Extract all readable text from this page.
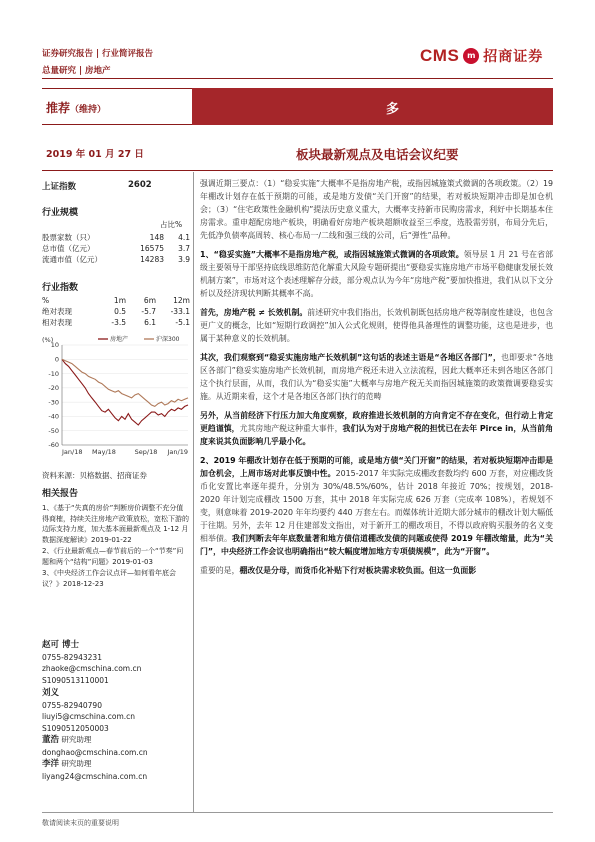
证券研究报告 | 行业简评报告
总量研究 | 房地产
CMS m 招商证券
推荐（维持）	多
2019 年 01 月 27 日	板块最新观点及电话会议纪要
上证指数	2602
行业规模
占比%
股票家数（只）	148	4.1
总市值（亿元）	16575	3.7
流通市值（亿元）	14283	3.9
行业指数
%	1m	6m	12m
绝对表现	0.5	-5.7	-33.1
相对表现	-3.5	6.1	-5.1
(%)
10
0
-10
-20
-30
-40
-50
-60
Jan/18 May/18	Sep/18 Jan/19
房地产	沪深300
资料来源：贝格数据、招商证券
相关报告
1、《基于“失真的房价”判断房价调整不充分值得商榷，持续关注房地产政策放松，宽松下游的边际支持力度，加大基本面最新观点及 1-12 月数据深度解读》2019-01-22
2、《行业最新观点—春节前后的一个“节奏”问题和两个“结构”问题》2019-01-03
3、《中央经济工作会议点评—如何看年底会议？》2018-12-23
赵可 博士
0755-82943231
zhaoke@cmschina.com.cn
S1090513110001
刘义
0755-82940790
liuyi5@cmschina.com.cn
S1090512050003
董浩 研究助理
donghao@cmschina.com.cn
李洋 研究助理
liyang24@cmschina.com.cn

强调近期三要点：（1）“稳妥实施”大概率不是指房地产税，或指因城施策式微调的各项政策。（2）19 年棚改计划存在低于预期的可能，或是地方发债“关门开窗”的结果，若对板块短期冲击即是加仓机会；（3）“住宅政策性金融机构”提法历史意义重大，大概率支持新市民购房需求，利好中长期基本住房需求。重申超配房地产板块，明确看好房地产板块超额收益至三季度，选股需労别，布局分先后，先低净负债率高周转、核心布局一/二线和强三线的公司，后“弹性”品种。

1、“稳妥实施”大概率不是指房地产税，或指因城施策式微调的各项政策。领导层 1 月 21 号在省部级主要领导干部坚持底线思维防范化解重大风险专题研提出“要稳妥实施房地产市场平稳健康发展长效机制方案”，市场对这个表述理解存分歧，部分观点认为今年“房地产税”要加快推进，我们从以下文分析以及经济现状判断其概率不高。

首先，房地产税 ≠ 长效机制。前述研究中我们指出，长效机制既包括房地产税等制度性建设，也包含更广义的概念，比如“短期行政调控”加入公式化规则，使得他具备理性的调整功能，这也是进步，也属于某种意义的长效机制。

其次，我们观察到“稳妥实施房地产长效机制”这句话的表述主语是“各地区各部门”，也即要求“各地区各部门”稳妥实施房地产长效机制，而房地产税还未进入立法流程，因此大概率还未到各地区各部门这个执行层面，从而，我们认为“稳妥实施”大概率与房地产税无关而指因城施策的政策微调要稳妥实施。从近期来看，这个才是各地区各部门执行的范畴

另外，从当前经济下行压力加大角度观察，政府推进长效机制的方向肯定不存在变化，但行动上肯定更趋谨慎，尤其房地产税这种重大事件，我们认为对于房地产税的担忧已在去年 Pirce in，从当前角度来说其负面影响几乎最小化。

2、2019 年棚改计划存在低于预期的可能，或是地方债“关门开窗”的结果，若对板块短期冲击即是加仓机会，上周市场对此事反馈中性。2015-2017 年实际完成棚改套数均约 600 万套，对应棚改货币化安置比率逐年提升，分别为 30%/48.5%/60%，估计 2018 年接近 70%；按规划，2018-2020 年计划完成棚改 1500 万套，其中 2018 年实际完成 626 万套（完成率 108%），若规划不变，则意味着 2019-2020 年年均要约 440 万套左右。而媒体统计近期大部分城市的棚改计划大幅低于往期。另外，去年 12 月住建部发文指出，对于新开工的棚改项目，不得以政府购买服务的名义变相举债。我们判断去年年底数量著和地方债信道棚改发债的问题或使得 2019 年棚改缩量，此为“关门”，中央经济工作会议也明确指出“较大幅度增加地方专项债规模”，此为“开窗”。

重要的是，棚改仅是分母，而货币化补贴下行对板块需求较负面。但这一负面影

敬请阅读末页的重要说明
